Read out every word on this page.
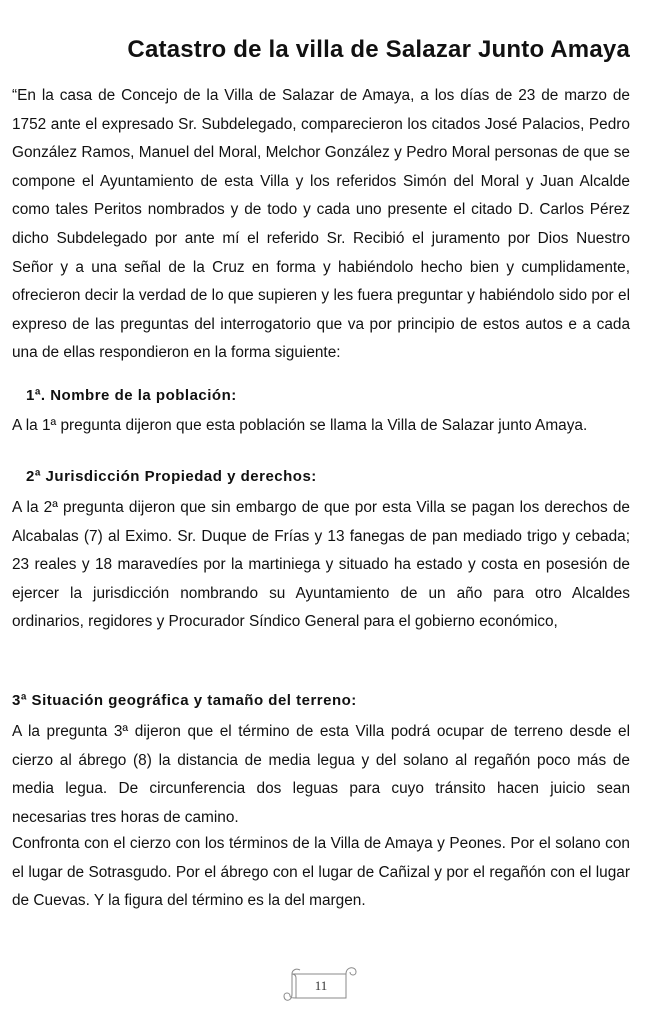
Catastro de la villa de Salazar Junto Amaya

“En la casa de Concejo de la Villa de Salazar de Amaya, a los días de 23 de marzo de 1752 ante el expresado Sr. Subdelegado, comparecieron los citados José Palacios, Pedro González Ramos, Manuel del Moral, Melchor González y Pedro Moral personas de que se compone el Ayuntamiento de esta Villa y los referidos Simón del Moral y Juan Alcalde como tales Peritos nombrados y de todo y cada uno presente el citado D. Carlos Pérez dicho Subdelegado por ante mí el referido Sr. Recibió el juramento por Dios Nuestro Señor y a una señal de la Cruz en forma y habiéndolo hecho bien y cumplidamente, ofrecieron decir la verdad de lo que supieren y les fuera preguntar y habiéndolo sido por el expreso de las preguntas del interrogatorio que va por principio de estos autos e a cada una de ellas respondieron en la forma siguiente:

1ª. Nombre de la población:

A la 1ª pregunta dijeron que esta población se llama la Villa de Salazar junto Amaya.

2ª Jurisdicción Propiedad y derechos:

A la 2ª pregunta dijeron que sin embargo de que por esta Villa se pagan los derechos de Alcabalas (7) al Eximo. Sr. Duque de Frías y 13 fanegas de pan mediado trigo y cebada; 23 reales y 18 maravedíes por la martiniega y situado ha estado y costa en posesión de ejercer la jurisdicción nombrando su Ayuntamiento de un año para otro Alcaldes ordinarios, regidores y Procurador Síndico General para el gobierno económico,

3ª Situación geográfica y tamaño del terreno:

A la pregunta 3ª dijeron que el término de esta Villa podrá ocupar de terreno desde el cierzo al ábrego (8) la distancia de media legua y del solano al regañón poco más de media legua. De circunferencia dos leguas para cuyo tránsito hacen juicio sean necesarias tres horas de camino.

Confronta con el cierzo con los términos de la Villa de Amaya y Peones. Por el solano con el lugar de Sotrasgudo. Por el ábrego con el lugar de Cañizal y por el regañón con el lugar de Cuevas. Y la figura del término es la del margen.

11
